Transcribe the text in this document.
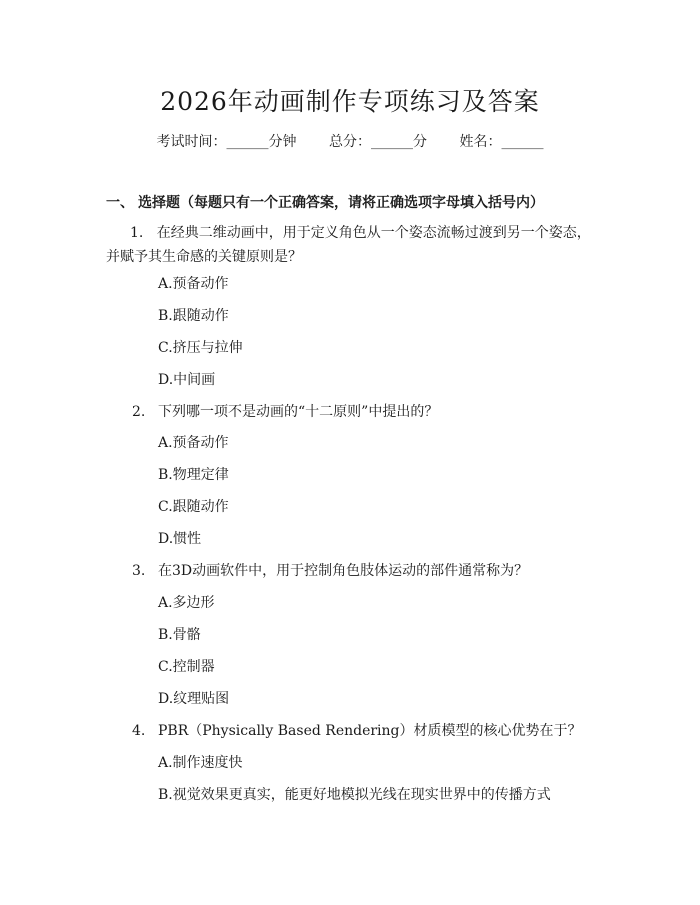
2026年动画制作专项练习及答案
考试时间：______分钟 总分：______分 姓名：______
一、 选择题（每题只有一个正确答案，请将正确选项字母填入括号内）
1. 在经典二维动画中，用于定义角色从一个姿态流畅过渡到另一个姿态，并赋予其生命感的关键原则是？
A.预备动作
B.跟随动作
C.挤压与拉伸
D.中间画
2. 下列哪一项不是动画的“十二原则”中提出的？
A.预备动作
B.物理定律
C.跟随动作
D.惯性
3. 在3D动画软件中，用于控制角色肢体运动的部件通常称为？
A.多边形
B.骨骼
C.控制器
D.纹理贴图
4. PBR（Physically Based Rendering）材质模型的核心优势在于？
A.制作速度快
B.视觉效果更真实，能更好地模拟光线在现实世界中的传播方式
